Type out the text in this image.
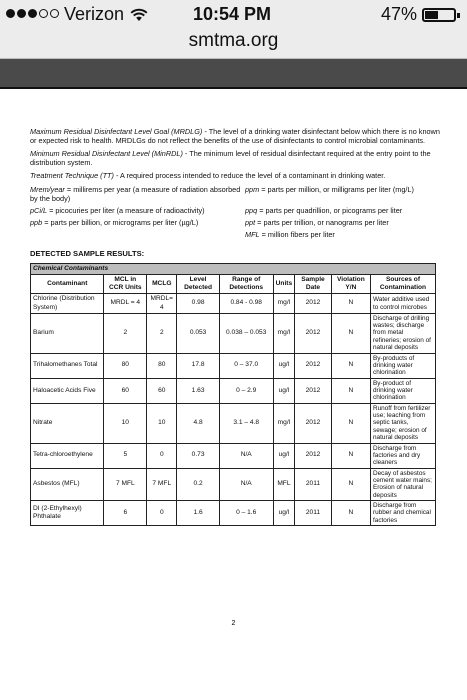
Verizon	10:54 PM	47%
smtma.org

Maximum Residual Disinfectant Level Goal (MRDLG) - The level of a drinking water disinfectant below which there is no known or expected risk to health. MRDLGs do not reflect the benefits of the use of disinfectants to control microbial contaminants.

Minimum Residual Disinfectant Level (MinRDL) - The minimum level of residual disinfectant required at the entry point to the distribution system.

Treatment Technique (TT) - A required process intended to reduce the level of a contaminant in drinking water.

Mrem/year = millirems per year (a measure of radiation absorbed by the body)
ppm = parts per million, or milligrams per liter (mg/L)
pCi/L = picocuries per liter (a measure of radioactivity)	ppq = parts per quadrillion, or picograms per liter
ppb = parts per billion, or micrograms per liter (µg/L)	ppt = parts per trillion, or nanograms per liter
MFL = million fibers per liter
DETECTED SAMPLE RESULTS:
Chemical Contaminants								
Contaminant	MCL in CCR Units	MCLG	Level Detected	Range of Detections	Units	Sample Date	Violation Y/N	Sources of Contamination
Chlorine (Distribution System)	MRDL = 4	MRDL= 4	0.98	0.84 - 0.98	mg/l	2012	N	Water additive used to control microbes
Barium	2	2	0.053	0.038 – 0.053	mg/l	2012	N	Discharge of drilling wastes; discharge from metal refineries; erosion of natural deposits
Trihalomethanes Total	80	80	17.8	0 – 37.0	ug/l	2012	N	By-products of drinking water chlorination
Haloacetic Acids Five	60	60	1.63	0 – 2.9	ug/l	2012	N	By-product of drinking water chlorination
Nitrate	10	10	4.8	3.1 – 4.8	mg/l	2012	N	Runoff from fertilizer use; leaching from septic tanks, sewage; erosion of natural deposits
Tetra-chloroethylene	5	0	0.73	N/A	ug/l	2012	N	Discharge from factories and dry cleaners
Asbestos (MFL)	7 MFL	7 MFL	0.2	N/A	MFL	2011	N	Decay of asbestos cement water mains; Erosion of natural deposits
DI (2-Ethylhexyl) Phthalate	6	0	1.6	0 – 1.6	ug/l	2011	N	Discharge from rubber and chemical factories
2
